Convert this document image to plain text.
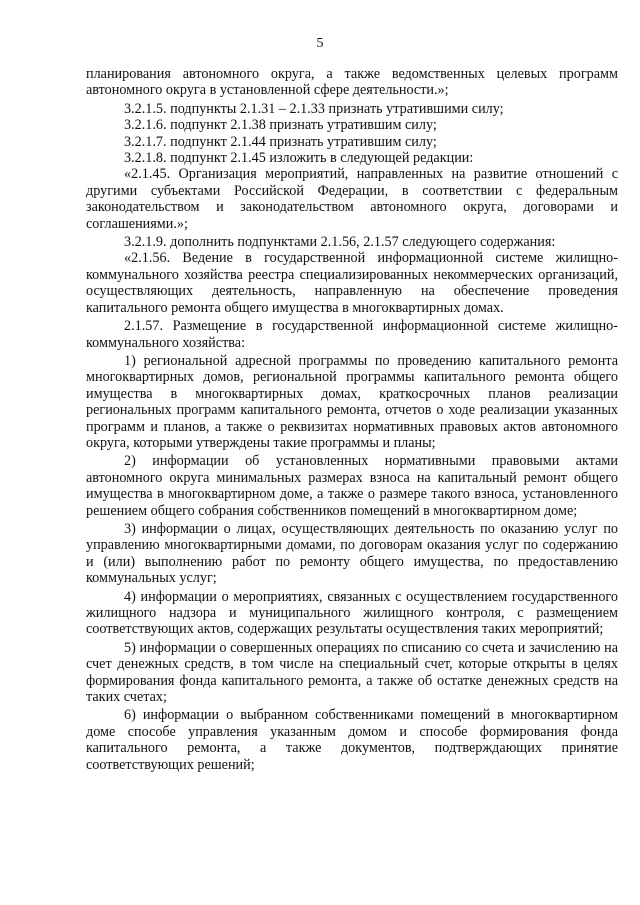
5

планирования автономного округа, а также ведомственных целевых программ автономного округа в установленной сфере деятельности.»;

3.2.1.5. подпункты 2.1.31 – 2.1.33 признать утратившими силу;

3.2.1.6. подпункт 2.1.38 признать утратившим силу;

3.2.1.7. подпункт 2.1.44 признать утратившим силу;

3.2.1.8. подпункт 2.1.45 изложить в следующей редакции:

«2.1.45. Организация мероприятий, направленных на развитие отношений с другими субъектами Российской Федерации, в соответствии с федеральным законодательством и законодательством автономного округа, договорами и соглашениями.»;

3.2.1.9. дополнить подпунктами 2.1.56, 2.1.57 следующего содержания:

«2.1.56. Ведение в государственной информационной системе жилищно-коммунального хозяйства реестра специализированных некоммерческих организаций, осуществляющих деятельность, направленную на обеспечение проведения капитального ремонта общего имущества в многоквартирных домах.

2.1.57. Размещение в государственной информационной системе жилищно-коммунального хозяйства:

1) региональной адресной программы по проведению капитального ремонта многоквартирных домов, региональной программы капитального ремонта общего имущества в многоквартирных домах, краткосрочных планов реализации региональных программ капитального ремонта, отчетов о ходе реализации указанных программ и планов, а также о реквизитах нормативных правовых актов автономного округа, которыми утверждены такие программы и планы;

2) информации об установленных нормативными правовыми актами автономного округа минимальных размерах взноса на капитальный ремонт общего имущества в многоквартирном доме, а также о размере такого взноса, установленного решением общего собрания собственников помещений в многоквартирном доме;

3) информации о лицах, осуществляющих деятельность по оказанию услуг по управлению многоквартирными домами, по договорам оказания услуг по содержанию и (или) выполнению работ по ремонту общего имущества, по предоставлению коммунальных услуг;

4) информации о мероприятиях, связанных с осуществлением государственного жилищного надзора и муниципального жилищного контроля, с размещением соответствующих актов, содержащих результаты осуществления таких мероприятий;

5) информации о совершенных операциях по списанию со счета и зачислению на счет денежных средств, в том числе на специальный счет, которые открыты в целях формирования фонда капитального ремонта, а также об остатке денежных средств на таких счетах;

6) информации о выбранном собственниками помещений в многоквартирном доме способе управления указанным домом и способе формирования фонда капитального ремонта, а также документов, подтверждающих принятие соответствующих решений;
